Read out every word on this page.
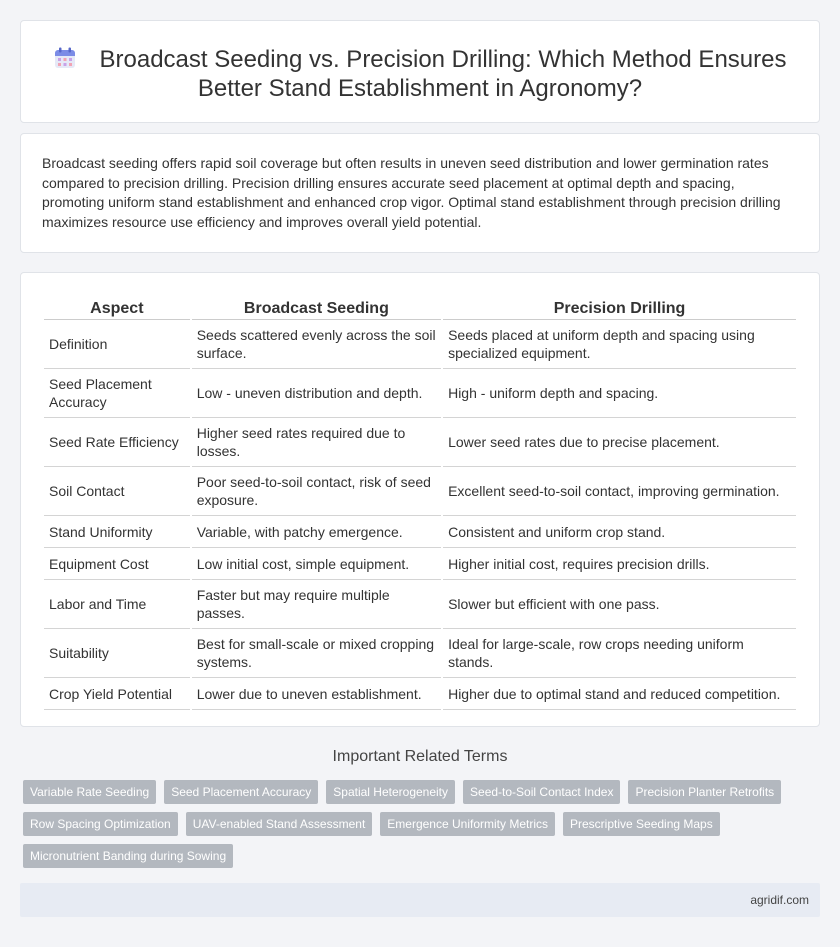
Broadcast Seeding vs. Precision Drilling: Which Method Ensures Better Stand Establishment in Agronomy?

Broadcast seeding offers rapid soil coverage but often results in uneven seed distribution and lower germination rates compared to precision drilling. Precision drilling ensures accurate seed placement at optimal depth and spacing, promoting uniform stand establishment and enhanced crop vigor. Optimal stand establishment through precision drilling maximizes resource use efficiency and improves overall yield potential.

Aspect	Broadcast Seeding	Precision Drilling
Definition	Seeds scattered evenly across the soil surface.	Seeds placed at uniform depth and spacing using specialized equipment.
Seed Placement Accuracy	Low - uneven distribution and depth.	High - uniform depth and spacing.
Seed Rate Efficiency	Higher seed rates required due to losses.	Lower seed rates due to precise placement.
Soil Contact	Poor seed-to-soil contact, risk of seed exposure.	Excellent seed-to-soil contact, improving germination.
Stand Uniformity	Variable, with patchy emergence.	Consistent and uniform crop stand.
Equipment Cost	Low initial cost, simple equipment.	Higher initial cost, requires precision drills.
Labor and Time	Faster but may require multiple passes.	Slower but efficient with one pass.
Suitability	Best for small-scale or mixed cropping systems.	Ideal for large-scale, row crops needing uniform stands.
Crop Yield Potential	Lower due to uneven establishment.	Higher due to optimal stand and reduced competition.
Important Related Terms
Variable Rate Seeding	Seed Placement Accuracy	Spatial Heterogeneity	Seed-to-Soil Contact Index	Precision Planter Retrofits
Row Spacing Optimization	UAV-enabled Stand Assessment	Emergence Uniformity Metrics	Prescriptive Seeding Maps
Micronutrient Banding during Sowing
agridif.com
